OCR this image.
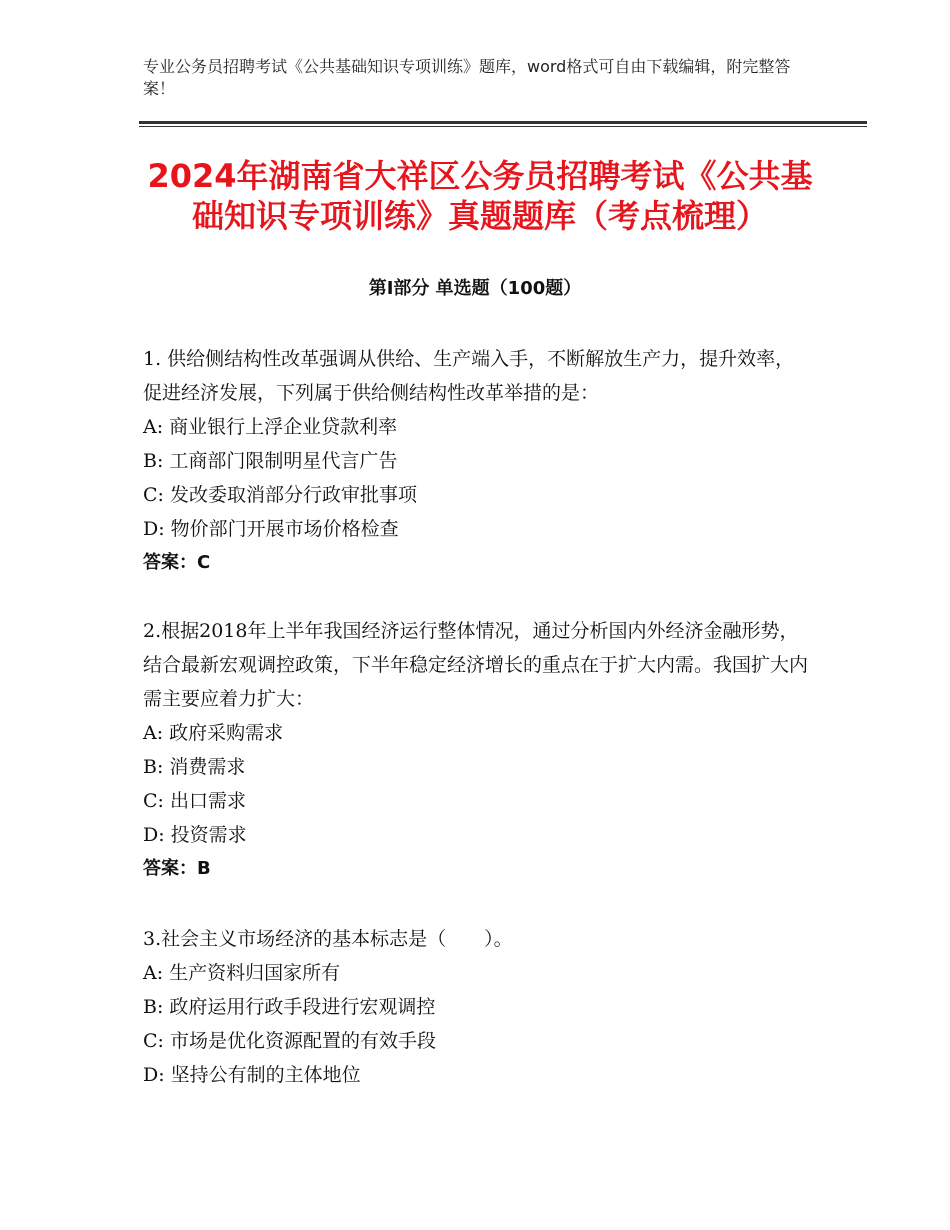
专业公务员招聘考试《公共基础知识专项训练》题库，word格式可自由下载编辑，附完整答案！
2024年湖南省大祥区公务员招聘考试《公共基础知识专项训练》真题题库（考点梳理）
第Ⅰ部分 单选题（100题）

1. 供给侧结构性改革强调从供给、生产端入手，不断解放生产力，提升效率，促进经济发展，下列属于供给侧结构性改革举措的是：

A: 商业银行上浮企业贷款利率

B: 工商部门限制明星代言广告

C: 发改委取消部分行政审批事项

D: 物价部门开展市场价格检查

答案：C

2.根据2018年上半年我国经济运行整体情况，通过分析国内外经济金融形势，结合最新宏观调控政策，下半年稳定经济增长的重点在于扩大内需。我国扩大内需主要应着力扩大：

A: 政府采购需求

B: 消费需求

C: 出口需求

D: 投资需求

答案：B

3.社会主义市场经济的基本标志是（　　）。

A: 生产资料归国家所有

B: 政府运用行政手段进行宏观调控

C: 市场是优化资源配置的有效手段

D: 坚持公有制的主体地位
